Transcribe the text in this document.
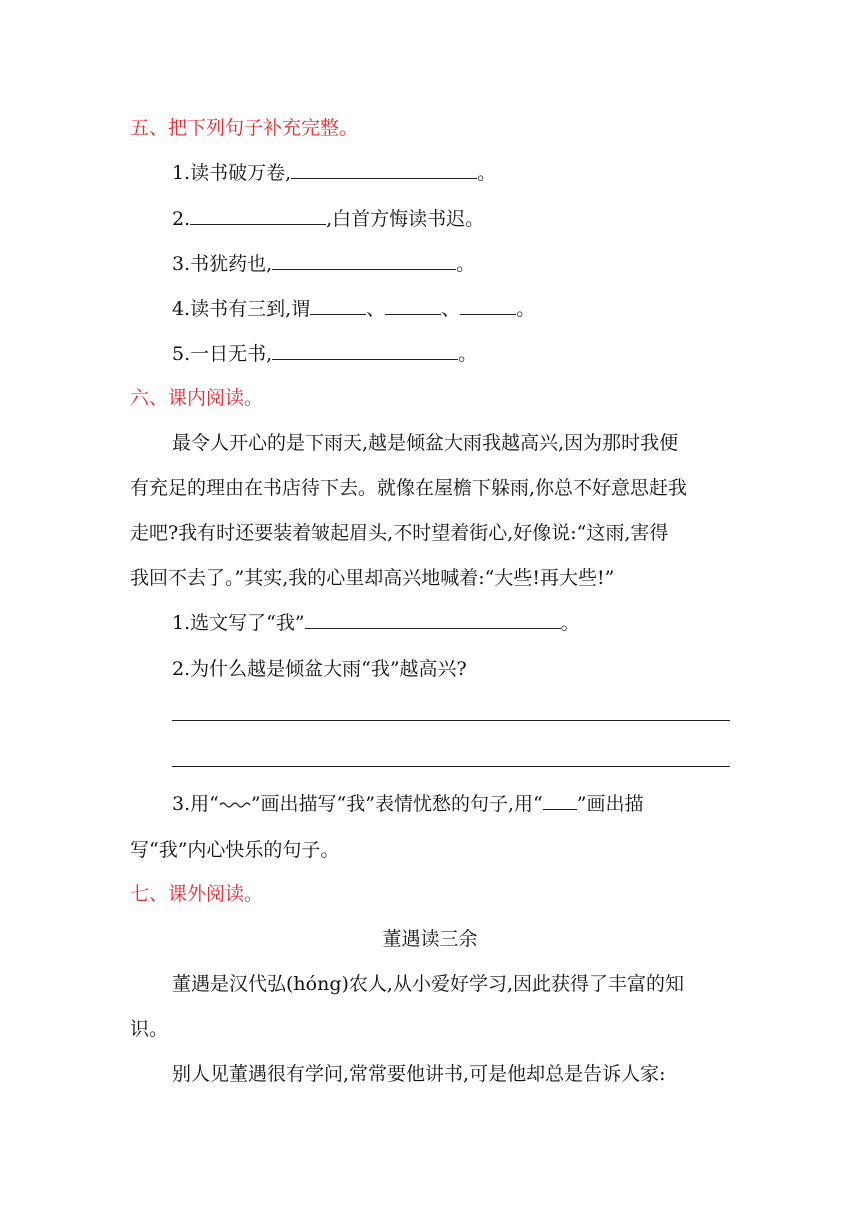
五、把下列句子补充完整。
1.读书破万卷,	。
2.	,白首方悔读书迟。
3.书犹药也,	。
4.读书有三到,谓	、	、	。
5.一日无书,	。
六、课内阅读。
最令人开心的是下雨天,越是倾盆大雨我越高兴,因为那时我便
有充足的理由在书店待下去。就像在屋檐下躲雨,你总不好意思赶我
走吧?我有时还要装着皱起眉头,不时望着街心,好像说:“这雨,害得
我回不去了。”其实,我的心里却高兴地喊着:“大些!再大些!”
1.选文写了“我”	。
2.为什么越是倾盆大雨“我”越高兴?
3.用“ ”画出描写“我”表情忧愁的句子,用“ ”画出描
写“我”内心快乐的句子。
七、课外阅读。
董遇读三余
董遇是汉代弘(hóng)农人,从小爱好学习,因此获得了丰富的知
识。
别人见董遇很有学问,常常要他讲书,可是他却总是告诉人家:
